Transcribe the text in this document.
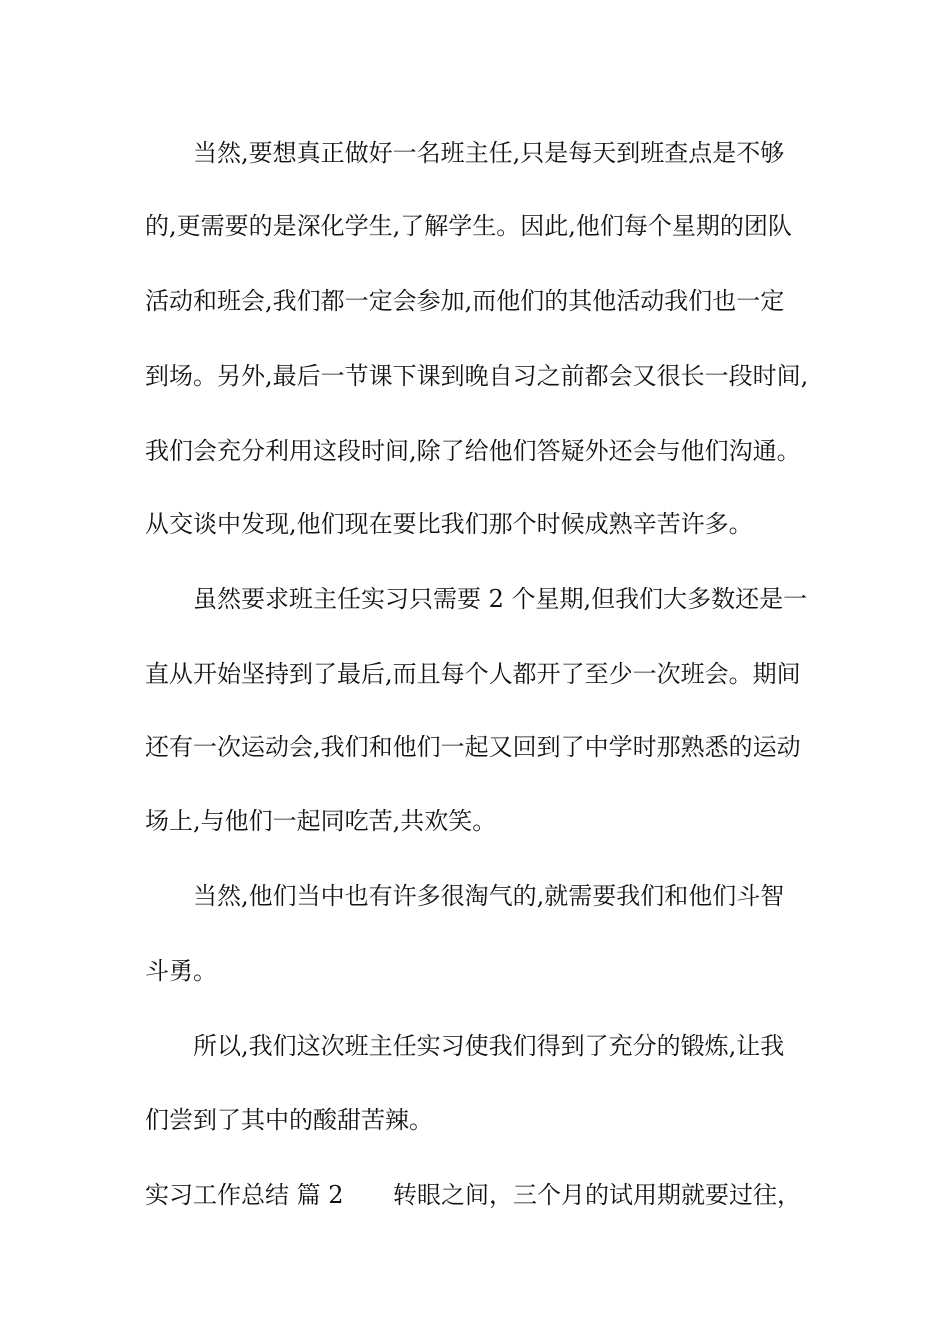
当然,要想真正做好一名班主任,只是每天到班查点是不够
的,更需要的是深化学生,了解学生。因此,他们每个星期的团队
活动和班会,我们都一定会参加,而他们的其他活动我们也一定
到场。另外,最后一节课下课到晚自习之前都会又很长一段时间,
我们会充分利用这段时间,除了给他们答疑外还会与他们沟通。
从交谈中发现,他们现在要比我们那个时候成熟辛苦许多。
虽然要求班主任实习只需要 2 个星期,但我们大多数还是一
直从开始坚持到了最后,而且每个人都开了至少一次班会。期间
还有一次运动会,我们和他们一起又回到了中学时那熟悉的运动
场上,与他们一起同吃苦,共欢笑。
当然,他们当中也有许多很淘气的,就需要我们和他们斗智
斗勇。
所以,我们这次班主任实习使我们得到了充分的锻炼,让我
们尝到了其中的酸甜苦辣。
实习工作总结 篇 2 转眼之间，三个月的试用期就要过往，
